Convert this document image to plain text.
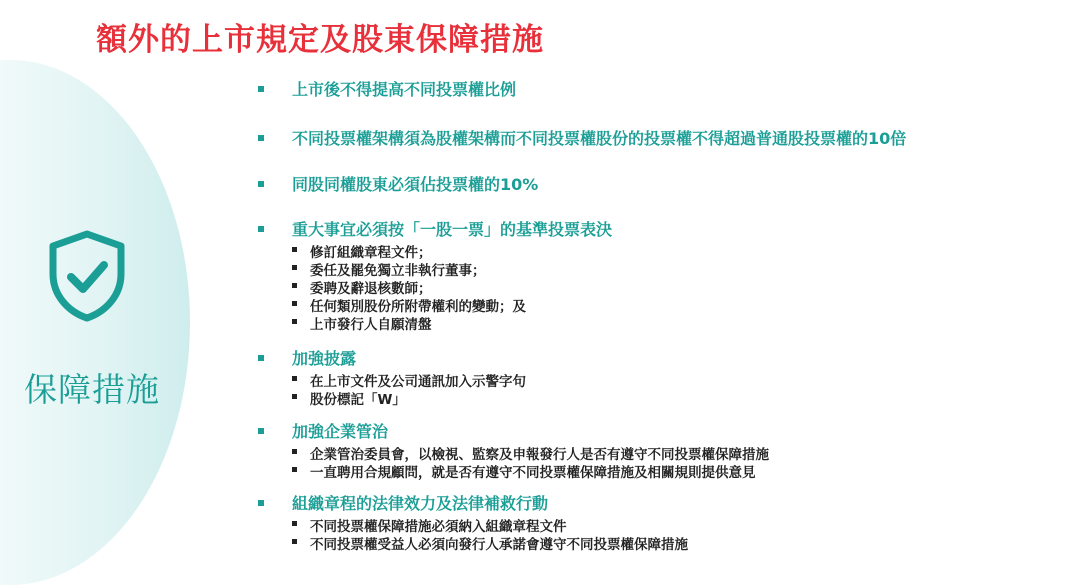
額外的上市規定及股東保障措施
保障措施
上市後不得提高不同投票權比例
不同投票權架構須為股權架構而不同投票權股份的投票權不得超過普通股投票權的10倍
同股同權股東必須佔投票權的10%
重大事宜必須按「一股一票」的基準投票表決
修訂組織章程文件；
委任及罷免獨立非執行董事；
委聘及辭退核數師；
任何類別股份所附帶權利的變動；及
上市發行人自願清盤
加強披露
在上市文件及公司通訊加入示警字句
股份標記「W」
加強企業管治
企業管治委員會，以檢視、監察及申報發行人是否有遵守不同投票權保障措施
一直聘用合規顧問，就是否有遵守不同投票權保障措施及相關規則提供意見
組織章程的法律效力及法律補救行動
不同投票權保障措施必須納入組織章程文件
不同投票權受益人必須向發行人承諾會遵守不同投票權保障措施
